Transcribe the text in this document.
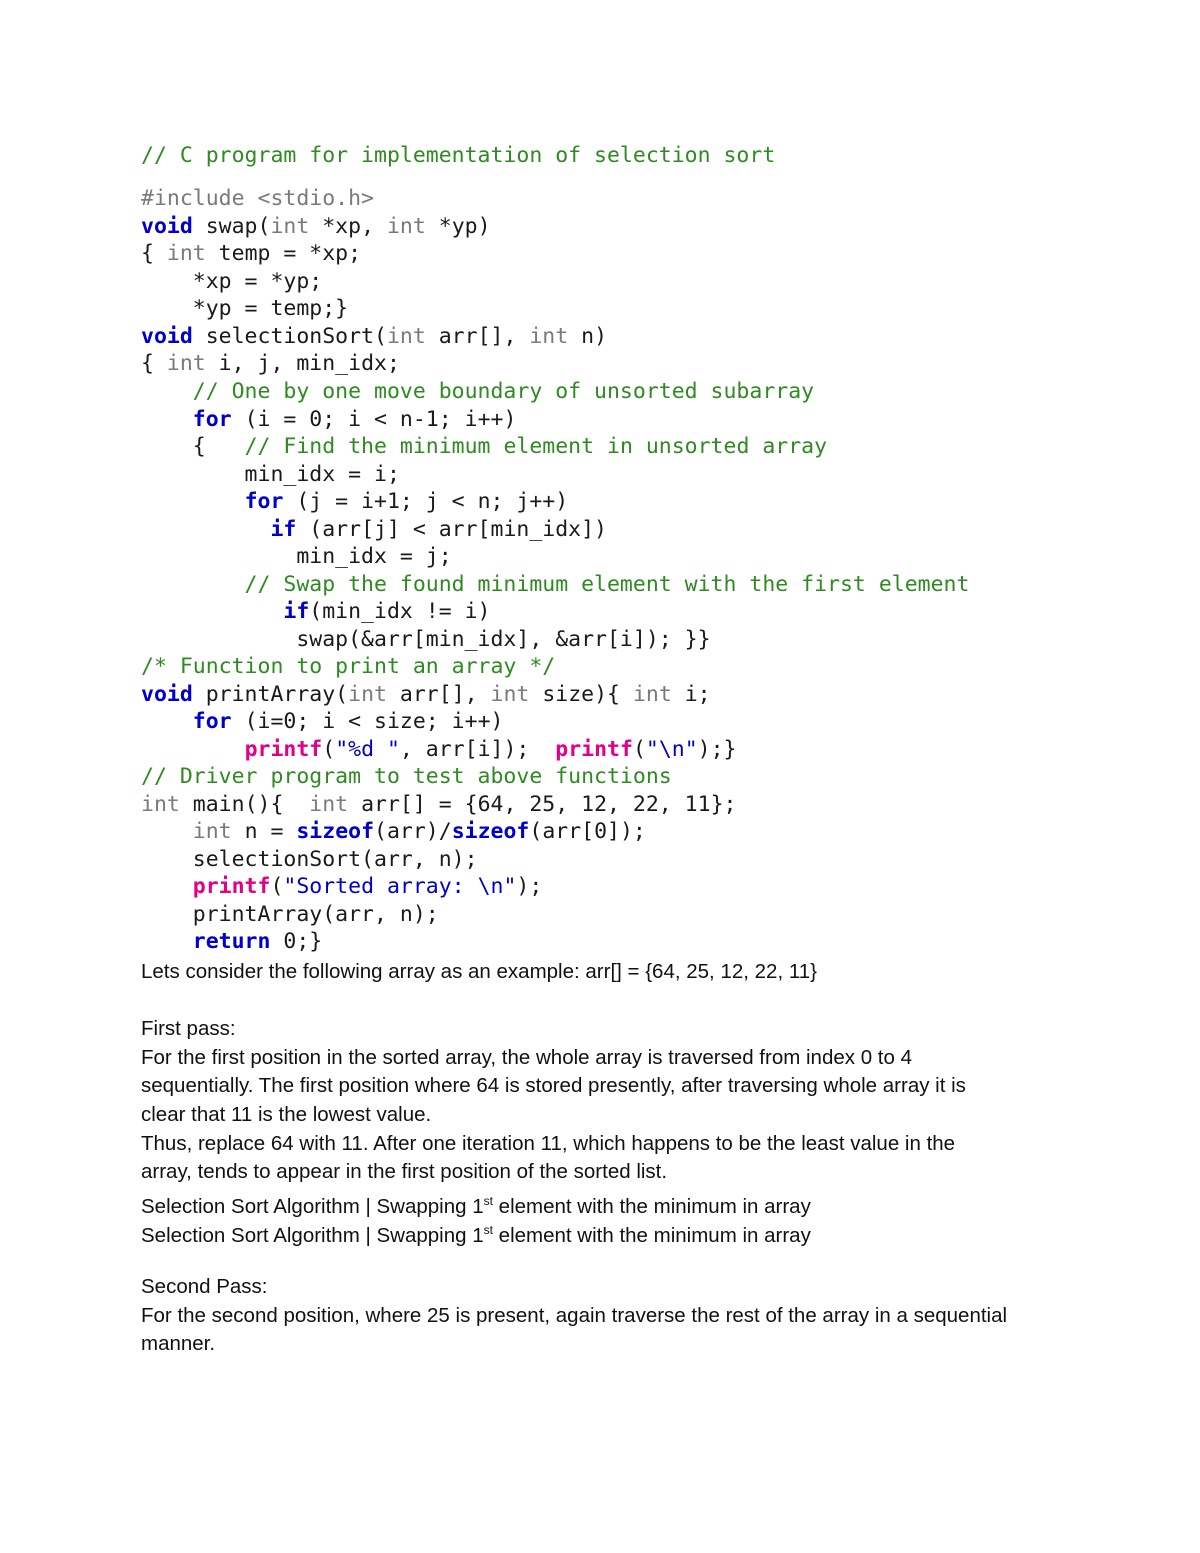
// C program for implementation of selection sort

#include <stdio.h>

void swap(int *xp, int *yp)

{ int temp = *xp;

*xp = *yp;

*yp = temp;}

void selectionSort(int arr[], int n)

{ int i, j, min_idx;

// One by one move boundary of unsorted subarray

for (i = 0; i < n-1; i++)

{   // Find the minimum element in unsorted array

min_idx = i;

for (j = i+1; j < n; j++)

if (arr[j] < arr[min_idx])

min_idx = j;

// Swap the found minimum element with the first element

if(min_idx != i)

swap(&arr[min_idx], &arr[i]); }}

/* Function to print an array */

void printArray(int arr[], int size){ int i;

for (i=0; i < size; i++)

printf("%d ", arr[i]);  printf("\n");}

// Driver program to test above functions

int main(){  int arr[] = {64, 25, 12, 22, 11};

int n = sizeof(arr)/sizeof(arr[0]);

selectionSort(arr, n);

printf("Sorted array: \n");

printArray(arr, n);

return 0;}

Lets consider the following array as an example: arr[] = {64, 25, 12, 22, 11}
First pass:
For the first position in the sorted array, the whole array is traversed from index 0 to 4
sequentially. The first position where 64 is stored presently, after traversing whole array it is
clear that 11 is the lowest value.
Thus, replace 64 with 11. After one iteration 11, which happens to be the least value in the
array, tends to appear in the first position of the sorted list.
Selection Sort Algorithm | Swapping 1st element with the minimum in array
Selection Sort Algorithm | Swapping 1st element with the minimum in array
Second Pass:
For the second position, where 25 is present, again traverse the rest of the array in a sequential
manner.
